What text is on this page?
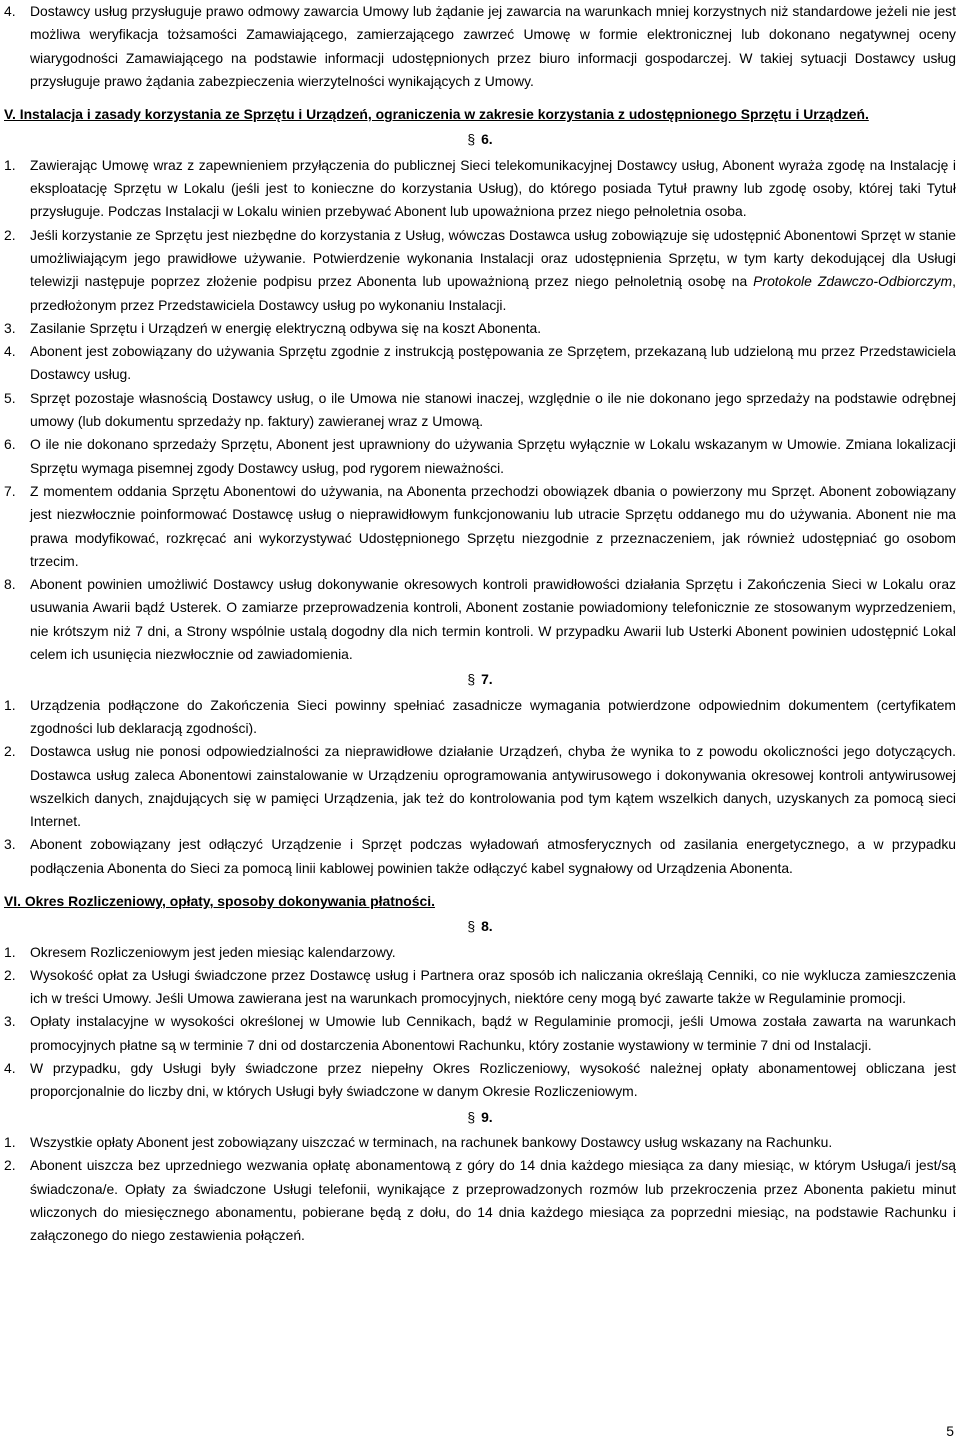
4. Dostawcy usług przysługuje prawo odmowy zawarcia Umowy lub żądanie jej zawarcia na warunkach mniej korzystnych niż standardowe jeżeli nie jest możliwa weryfikacja tożsamości Zamawiającego, zamierzającego zawrzeć Umowę w formie elektronicznej lub dokonano negatywnej oceny wiarygodności Zamawiającego na podstawie informacji udostępnionych przez biuro informacji gospodarczej. W takiej sytuacji Dostawcy usług przysługuje prawo żądania zabezpieczenia wierzytelności wynikających z Umowy.
V. Instalacja i zasady korzystania ze Sprzętu i Urządzeń, ograniczenia w zakresie korzystania z udostępnionego Sprzętu i Urządzeń.
§ 6.
1. Zawierając Umowę wraz z zapewnieniem przyłączenia do publicznej Sieci telekomunikacyjnej Dostawcy usług, Abonent wyraża zgodę na Instalację i eksploatację Sprzętu w Lokalu (jeśli jest to konieczne do korzystania Usług), do którego posiada Tytuł prawny lub zgodę osoby, której taki Tytuł przysługuje. Podczas Instalacji w Lokalu winien przebywać Abonent lub upoważniona przez niego pełnoletnia osoba.
2. Jeśli korzystanie ze Sprzętu jest niezbędne do korzystania z Usług, wówczas Dostawca usług zobowiązuje się udostępnić Abonentowi Sprzęt w stanie umożliwiającym jego prawidłowe używanie. Potwierdzenie wykonania Instalacji oraz udostępnienia Sprzętu, w tym karty dekodującej dla Usługi telewizji następuje poprzez złożenie podpisu przez Abonenta lub upoważnioną przez niego pełnoletnią osobę na Protokole Zdawczo-Odbiorczym, przedłożonym przez Przedstawiciela Dostawcy usług po wykonaniu Instalacji.
3. Zasilanie Sprzętu i Urządzeń w energię elektryczną odbywa się na koszt Abonenta.
4. Abonent jest zobowiązany do używania Sprzętu zgodnie z instrukcją postępowania ze Sprzętem, przekazaną lub udzieloną mu przez Przedstawiciela Dostawcy usług.
5. Sprzęt pozostaje własnością Dostawcy usług, o ile Umowa nie stanowi inaczej, względnie o ile nie dokonano jego sprzedaży na podstawie odrębnej umowy (lub dokumentu sprzedaży np. faktury) zawieranej wraz z Umową.
6. O ile nie dokonano sprzedaży Sprzętu, Abonent jest uprawniony do używania Sprzętu wyłącznie w Lokalu wskazanym w Umowie. Zmiana lokalizacji Sprzętu wymaga pisemnej zgody Dostawcy usług, pod rygorem nieważności.
7. Z momentem oddania Sprzętu Abonentowi do używania, na Abonenta przechodzi obowiązek dbania o powierzony mu Sprzęt. Abonent zobowiązany jest niezwłocznie poinformować Dostawcę usług o nieprawidłowym funkcjonowaniu lub utracie Sprzętu oddanego mu do używania. Abonent nie ma prawa modyfikować, rozkręcać ani wykorzystywać Udostępnionego Sprzętu niezgodnie z przeznaczeniem, jak również udostępniać go osobom trzecim.
8. Abonent powinien umożliwić Dostawcy usług dokonywanie okresowych kontroli prawidłowości działania Sprzętu i Zakończenia Sieci w Lokalu oraz usuwania Awarii bądź Usterek. O zamiarze przeprowadzenia kontroli, Abonent zostanie powiadomiony telefonicznie ze stosowanym wyprzedzeniem, nie krótszym niż 7 dni, a Strony wspólnie ustalą dogodny dla nich termin kontroli. W przypadku Awarii lub Usterki Abonent powinien udostępnić Lokal celem ich usunięcia niezwłocznie od zawiadomienia.
§ 7.
1. Urządzenia podłączone do Zakończenia Sieci powinny spełniać zasadnicze wymagania potwierdzone odpowiednim dokumentem (certyfikatem zgodności lub deklaracją zgodności).
2. Dostawca usług nie ponosi odpowiedzialności za nieprawidłowe działanie Urządzeń, chyba że wynika to z powodu okoliczności jego dotyczących. Dostawca usług zaleca Abonentowi zainstalowanie w Urządzeniu oprogramowania antywirusowego i dokonywania okresowej kontroli antywirusowej wszelkich danych, znajdujących się w pamięci Urządzenia, jak też do kontrolowania pod tym kątem wszelkich danych, uzyskanych za pomocą sieci Internet.
3. Abonent zobowiązany jest odłączyć Urządzenie i Sprzęt podczas wyładowań atmosferycznych od zasilania energetycznego, a w przypadku podłączenia Abonenta do Sieci za pomocą linii kablowej powinien także odłączyć kabel sygnałowy od Urządzenia Abonenta.
VI. Okres Rozliczeniowy, opłaty, sposoby dokonywania płatności.
§ 8.
1. Okresem Rozliczeniowym jest jeden miesiąc kalendarzowy.
2. Wysokość opłat za Usługi świadczone przez Dostawcę usług i Partnera oraz sposób ich naliczania określają Cenniki, co nie wyklucza zamieszczenia ich w treści Umowy. Jeśli Umowa zawierana jest na warunkach promocyjnych, niektóre ceny mogą być zawarte także w Regulaminie promocji.
3. Opłaty instalacyjne w wysokości określonej w Umowie lub Cennikach, bądź w Regulaminie promocji, jeśli Umowa została zawarta na warunkach promocyjnych płatne są w terminie 7 dni od dostarczenia Abonentowi Rachunku, który zostanie wystawiony w terminie 7 dni od Instalacji.
4. W przypadku, gdy Usługi były świadczone przez niepełny Okres Rozliczeniowy, wysokość należnej opłaty abonamentowej obliczana jest proporcjonalnie do liczby dni, w których Usługi były świadczone w danym Okresie Rozliczeniowym.
§ 9.
1. Wszystkie opłaty Abonent jest zobowiązany uiszczać w terminach, na rachunek bankowy Dostawcy usług wskazany na Rachunku.
2. Abonent uiszcza bez uprzedniego wezwania opłatę abonamentową z góry do 14 dnia każdego miesiąca za dany miesiąc, w którym Usługa/i jest/są świadczona/e. Opłaty za świadczone Usługi telefonii, wynikające z przeprowadzonych rozmów lub przekroczenia przez Abonenta pakietu minut wliczonych do miesięcznego abonamentu, pobierane będą z dołu, do 14 dnia każdego miesiąca za poprzedni miesiąc, na podstawie Rachunku i załączonego do niego zestawienia połączeń.
5
